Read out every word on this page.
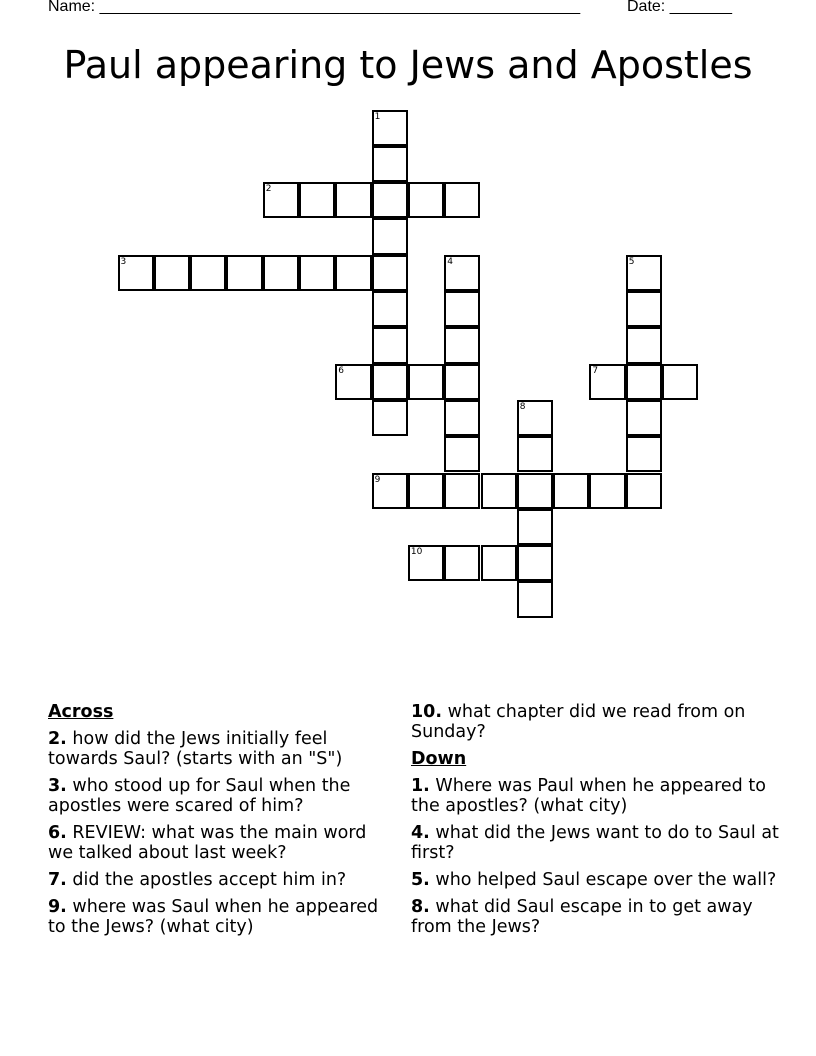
Name: ______________________________________________________	Date: _______
Paul appearing to Jews and Apostles
1
2
3	4	5
6	7
8
9
10
Across
2. how did the Jews initially feel towards Saul? (starts with an "S")
3. who stood up for Saul when the apostles were scared of him?
6. REVIEW: what was the main word we talked about last week?
7. did the apostles accept him in?
9. where was Saul when he appeared to the Jews? (what city)
10. what chapter did we read from on Sunday?
Down
1. Where was Paul when he appeared to the apostles? (what city)
4. what did the Jews want to do to Saul at first?
5. who helped Saul escape over the wall?
8. what did Saul escape in to get away from the Jews?
